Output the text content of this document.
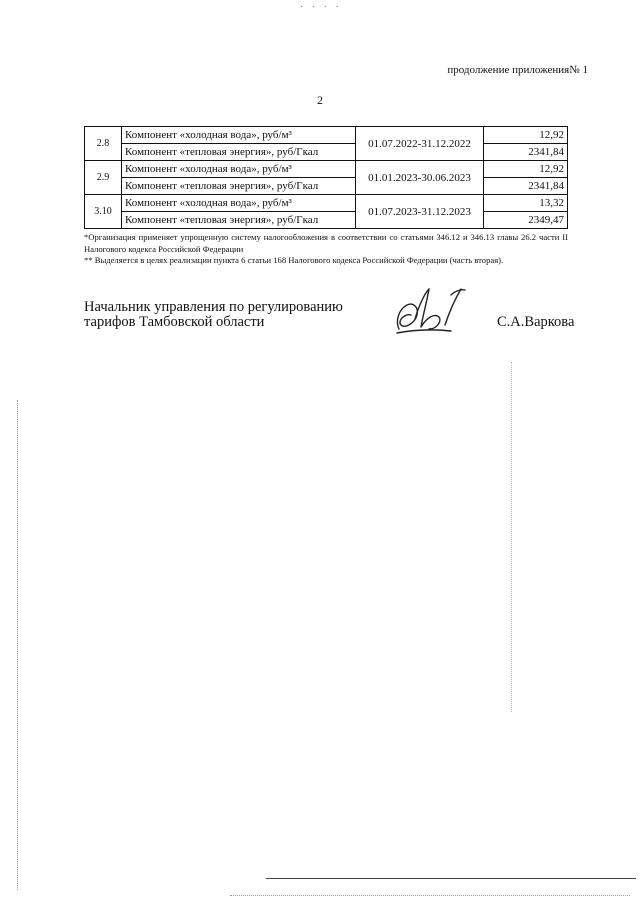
· · · ·
продолжение приложения№ 1
2
2.8	Компонент «холодная вода», руб/м³	01.07.2022-31.12.2022	12,92
	Компонент «тепловая энергия», руб/Гкал		2341,84
2.9	Компонент «холодная вода», руб/м³	01.01.2023-30.06.2023	12,92
	Компонент «тепловая энергия», руб/Гкал		2341,84
3.10	Компонент «холодная вода», руб/м³	01.07.2023-31.12.2023	13,32
	Компонент «тепловая энергия», руб/Гкал		2349,47

*Организация применяет упрощенную систему налогообложения в соответствии со статьями 346.12 и 346.13 главы 26.2 части II Налогового кодекса Российской Федерации

** Выделяется в целях реализации пункта 6 статьи 168 Налогового кодекса Российской Федерации (часть вторая).

Начальник управления по регулированию
тарифов Тамбовской области	С.А.Варкова
